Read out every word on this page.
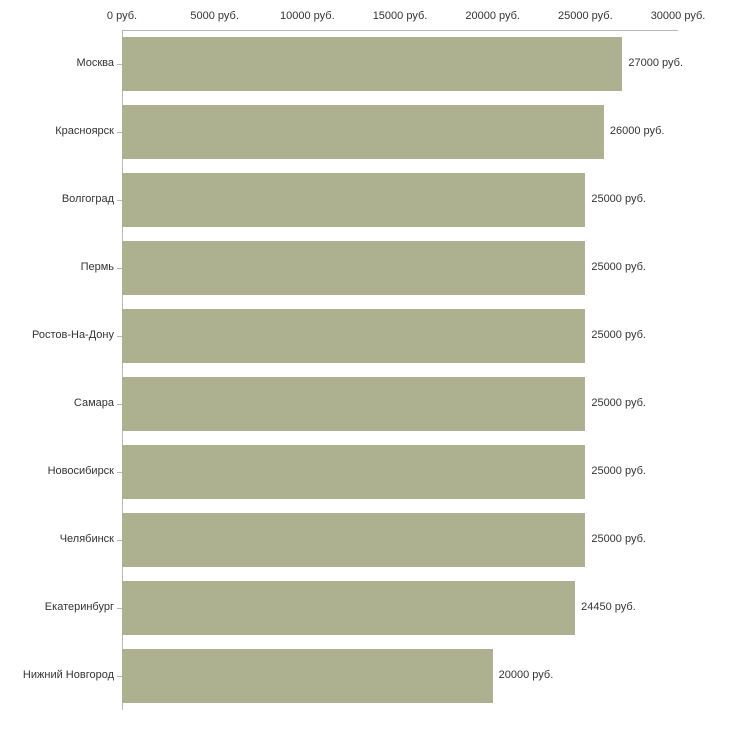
0 руб.	5000 руб.	10000 руб.	15000 руб.	20000 руб.	25000 руб.	30000 руб.
27000 руб.
26000 руб.
25000 руб.
25000 руб.
25000 руб.
25000 руб.
25000 руб.
25000 руб.
24450 руб.
20000 руб.
Москва
Красноярск
Волгоград
Пермь
Ростов-На-Дону
Самара
Новосибирск
Челябинск
Екатеринбург
Нижний Новгород
